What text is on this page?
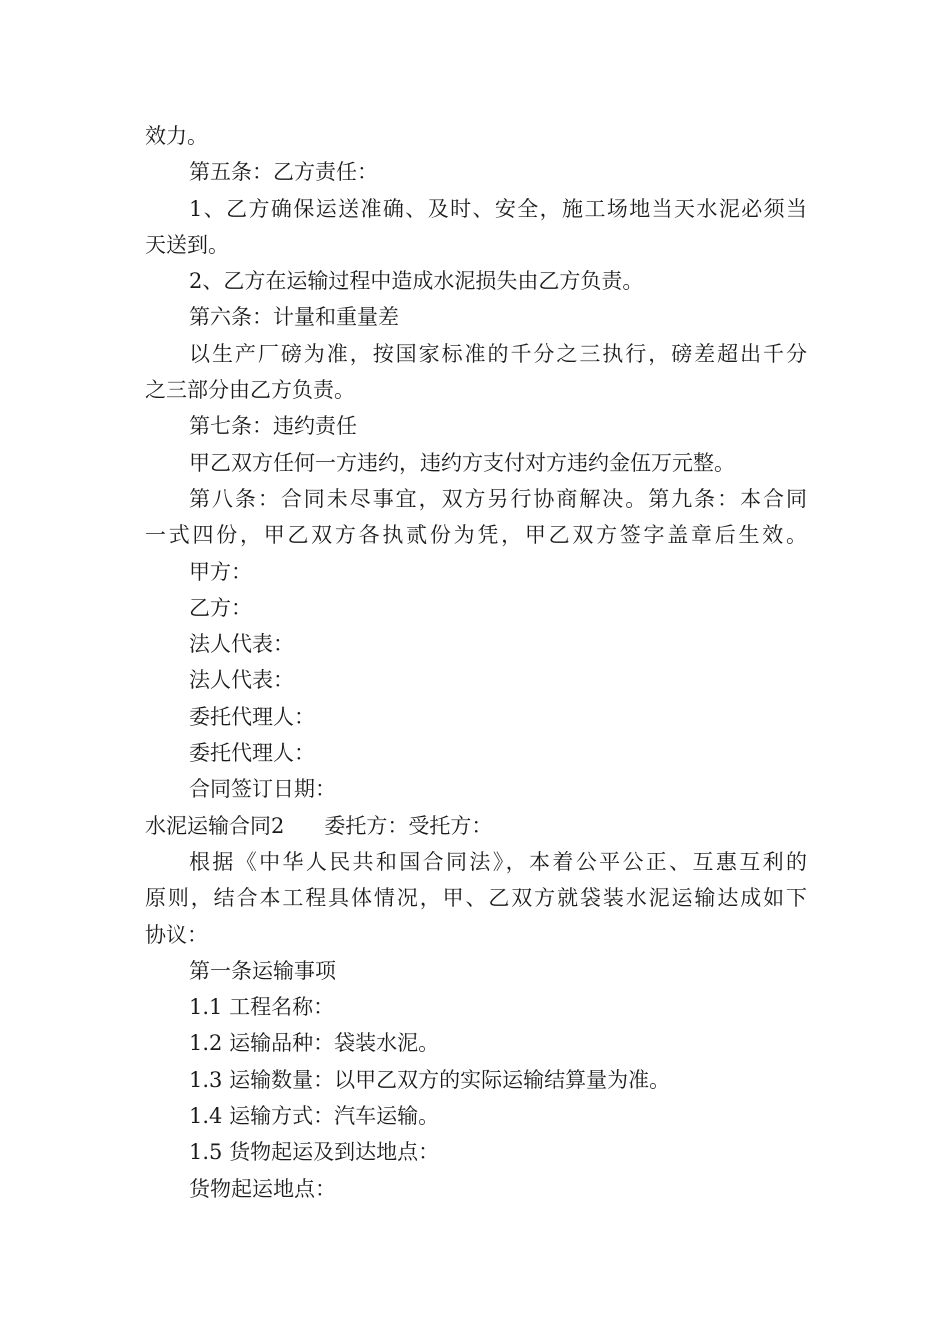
效力。
第五条：乙方责任：
1、乙方确保运送准确、及时、安全，施工场地当天水泥必须当
天送到。
2、乙方在运输过程中造成水泥损失由乙方负责。
第六条：计量和重量差
以生产厂磅为准，按国家标准的千分之三执行，磅差超出千分
之三部分由乙方负责。
第七条：违约责任
甲乙双方任何一方违约，违约方支付对方违约金伍万元整。
第八条：合同未尽事宜，双方另行协商解决。第九条：本合同
一式四份，甲乙双方各执贰份为凭，甲乙双方签字盖章后生效。
甲方：
乙方：
法人代表：
法人代表：
委托代理人：
委托代理人：
合同签订日期：
水泥运输合同2 委托方：受托方：
根据《中华人民共和国合同法》，本着公平公正、互惠互利的
原则，结合本工程具体情况，甲、乙双方就袋装水泥运输达成如下
协议：
第一条运输事项
1.1 工程名称：
1.2 运输品种：袋装水泥。
1.3 运输数量：以甲乙双方的实际运输结算量为准。
1.4 运输方式：汽车运输。
1.5 货物起运及到达地点：
货物起运地点：
